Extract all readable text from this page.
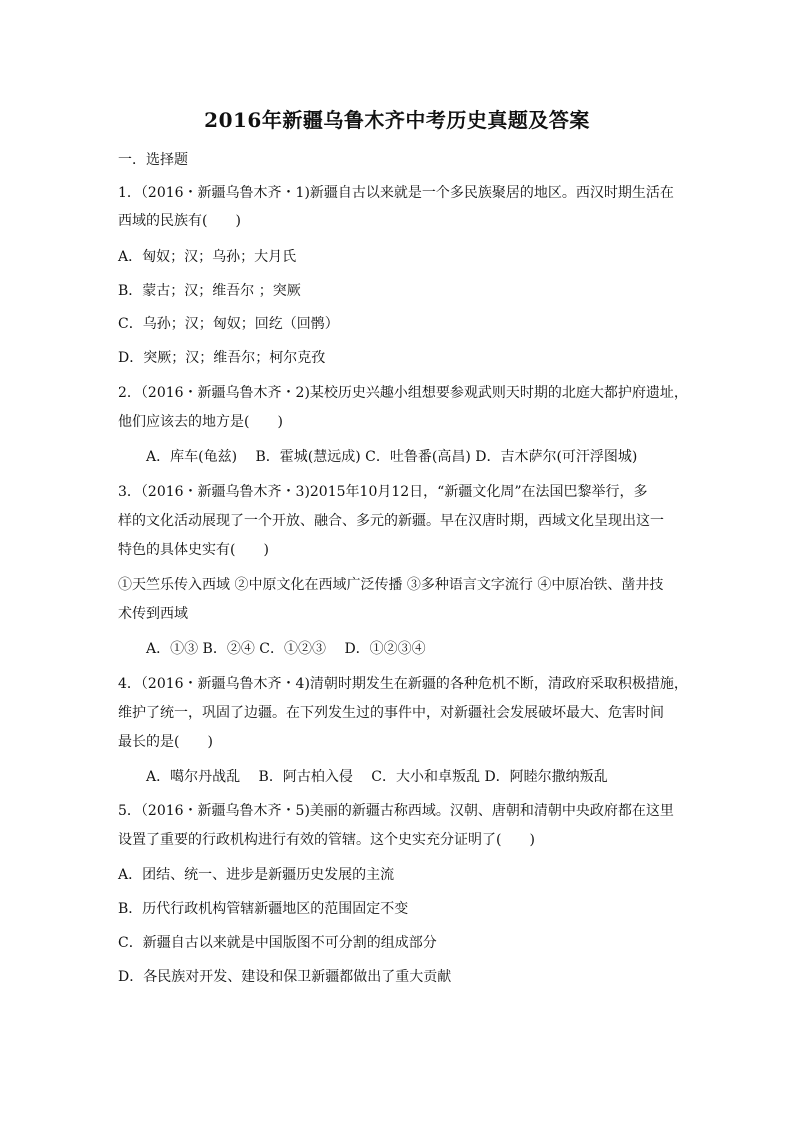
2016年新疆乌鲁木齐中考历史真题及答案
一．选择题
1．（2016・新疆乌鲁木齐・1)新疆自古以来就是一个多民族聚居的地区。西汉时期生活在
西域的民族有(　　)
A．匈奴；汉；乌孙；大月氏
B．蒙古；汉；维吾尔 ；突厥
C．乌孙；汉；匈奴；回纥（回鹘）
D．突厥；汉；维吾尔；柯尔克孜
2．（2016・新疆乌鲁木齐・2)某校历史兴趣小组想要参观武则天时期的北庭大都护府遗址，
他们应该去的地方是(　　)
A．库车(龟兹)　 B．霍城(慧远成) C．吐鲁番(高昌) D．吉木萨尔(可汗浮图城)
3．（2016・新疆乌鲁木齐・3)2015年10月12日，“新疆文化周”在法国巴黎举行，多
样的文化活动展现了一个开放、融合、多元的新疆。早在汉唐时期，西域文化呈现出这一
特色的具体史实有(　　)
①天竺乐传入西域 ②中原文化在西域广泛传播 ③多种语言文字流行 ④中原冶铁、凿井技
术传到西域
A．①③ B．②④ C．①②③　 D．①②③④
4．（2016・新疆乌鲁木齐・4)清朝时期发生在新疆的各种危机不断，清政府采取积极措施，
维护了统一，巩固了边疆。在下列发生过的事件中，对新疆社会发展破坏最大、危害时间
最长的是(　　)
A．噶尔丹战乱　 B．阿古柏入侵　 C．大小和卓叛乱 D．阿睦尔撒纳叛乱
5．（2016・新疆乌鲁木齐・5)美丽的新疆古称西域。汉朝、唐朝和清朝中央政府都在这里
设置了重要的行政机构进行有效的管辖。这个史实充分证明了(　　)
A．团结、统一、进步是新疆历史发展的主流
B．历代行政机构管辖新疆地区的范围固定不变
C．新疆自古以来就是中国版图不可分割的组成部分
D．各民族对开发、建设和保卫新疆都做出了重大贡献
